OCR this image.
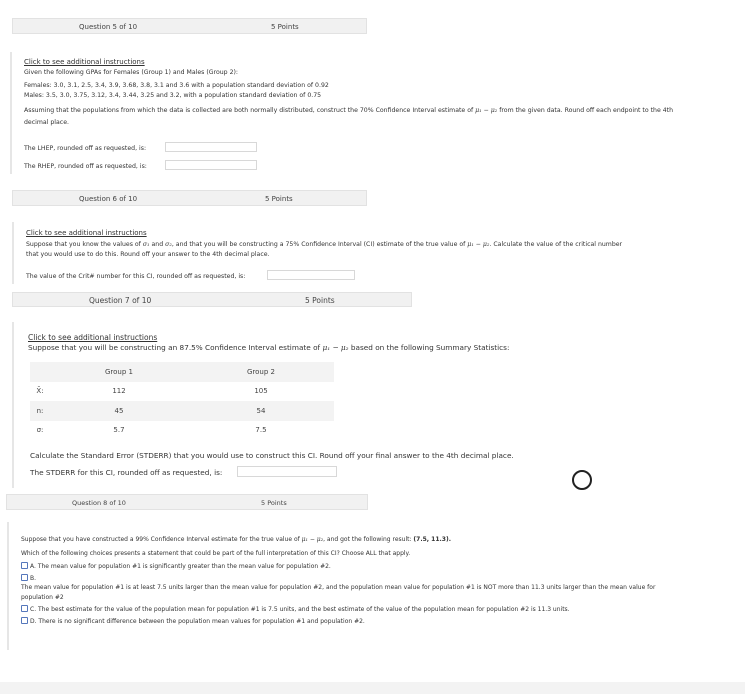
Question 5 of 10	5 Points
Click to see additional instructions
Given the following GPAs for Females (Group 1) and Males (Group 2):
Females: 3.0, 3.1, 2.5, 3.4, 3.9, 3.68, 3.8, 3.1 and 3.6 with a population standard deviation of 0.92
Males: 3.5, 3.0, 3.75, 3.12, 3.4, 3.44, 3.25 and 3.2, with a population standard deviation of 0.75
Assuming that the populations from which the data is collected are both normally distributed, construct the 70% Confidence Interval estimate of μ₁ − μ₂ from the given data. Round off each endpoint to the 4th decimal place.
The LHEP, rounded off as requested, is:
The RHEP, rounded off as requested, is:
Question 6 of 10	5 Points
Click to see additional instructions
Suppose that you know the values of σ₁ and σ₂, and that you will be constructing a 75% Confidence Interval (CI) estimate of the true value of μ₁ − μ₂. Calculate the value of the critical number
that you would use to do this. Round off your answer to the 4th decimal place.
The value of the Crit# number for this CI, rounded off as requested, is:
Question 7 of 10	5 Points
Click to see additional instructions
Suppose that you will be constructing an 87.5% Confidence Interval estimate of μ₁ − μ₂ based on the following Summary Statistics:
	Group 1	Group 2
X̄:	112	105
n:	45	54
σ:	5.7	7.5
Calculate the Standard Error (STDERR) that you would use to construct this CI. Round off your final answer to the 4th decimal place.
The STDERR for this CI, rounded off as requested, is:
Question 8 of 10	5 Points
Suppose that you have constructed a 99% Confidence Interval estimate for the true value of μ₁ − μ₂, and got the following result: (7.5, 11.3).
Which of the following choices presents a statement that could be part of the full interpretation of this CI? Choose ALL that apply.
A. The mean value for population #1 is significantly greater than the mean value for population #2.
B.
The mean value for population #1 is at least 7.5 units larger than the mean value for population #2, and the population mean value for population #1 is NOT more than 11.3 units larger than the mean value for population #2
C. The best estimate for the value of the population mean for population #1 is 7.5 units, and the best estimate of the value of the population mean for population #2 is 11.3 units.
D. There is no significant difference between the population mean values for population #1 and population #2.
